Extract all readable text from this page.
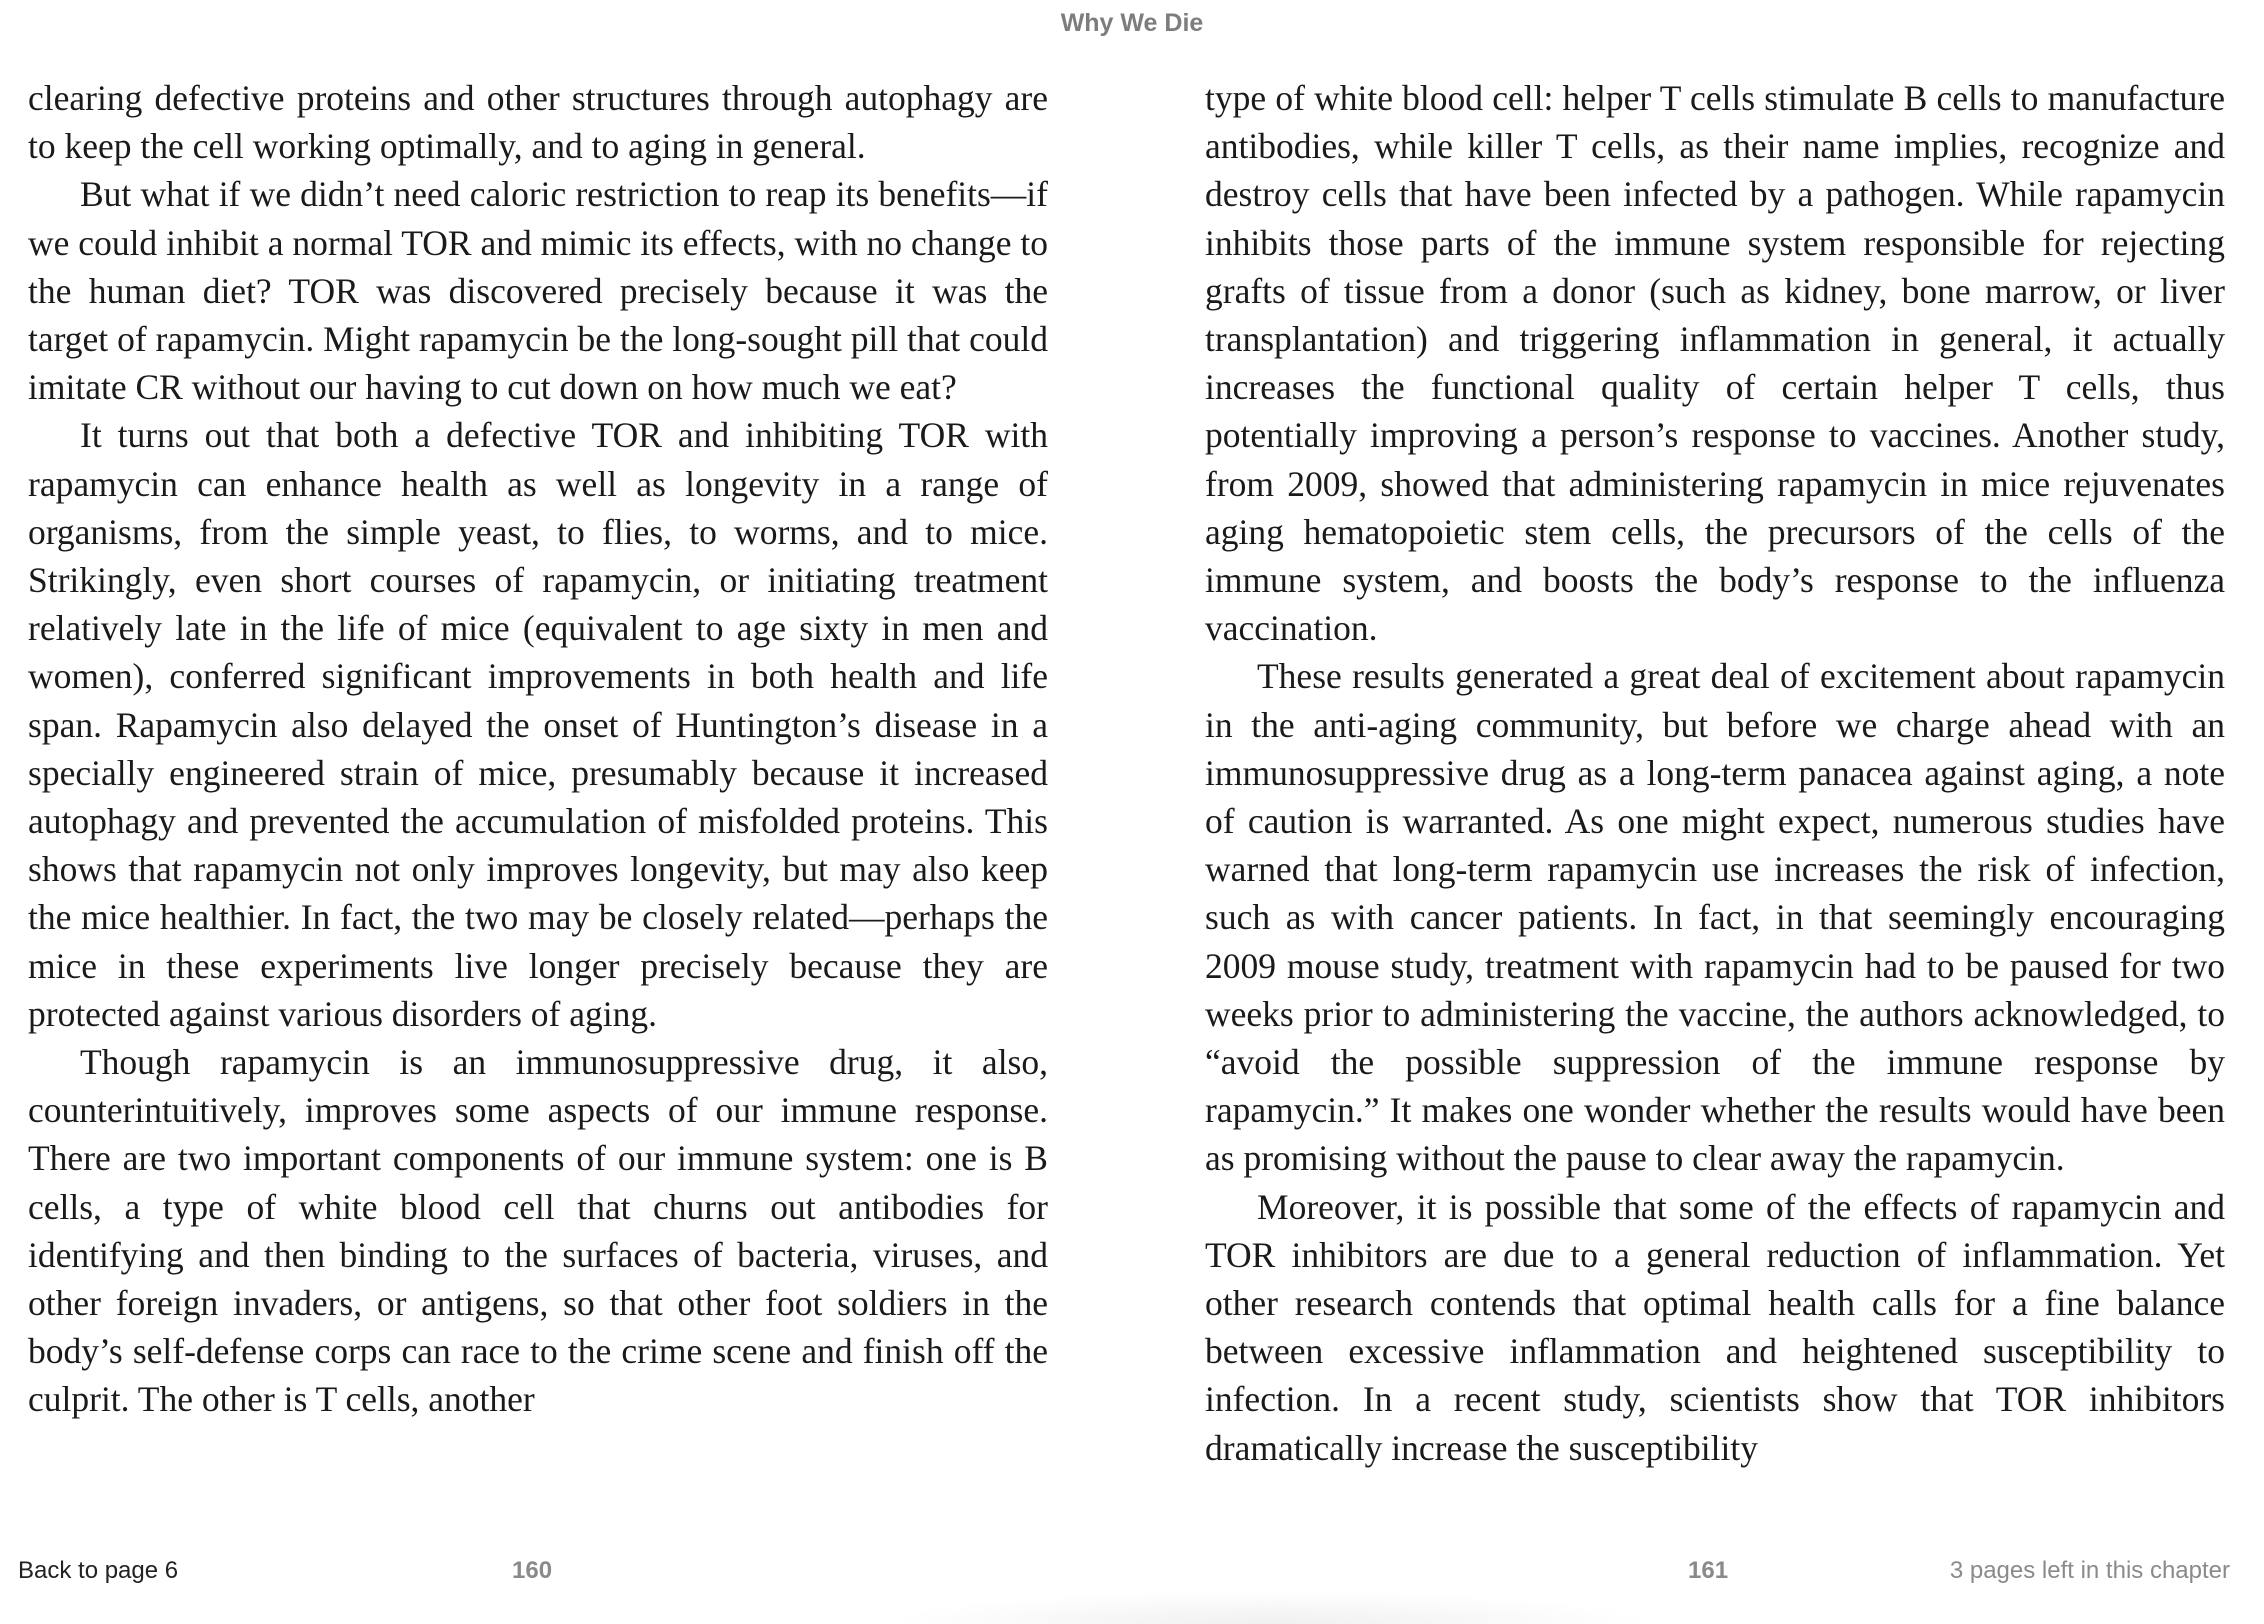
Why We Die

clearing defective proteins and other structures through autophagy are to keep the cell working optimally, and to aging in general.

But what if we didn’t need caloric restriction to reap its benefits—if we could inhibit a normal TOR and mimic its effects, with no change to the human diet? TOR was discovered precisely because it was the target of rapamycin. Might rapamycin be the long-sought pill that could imitate CR without our having to cut down on how much we eat?

It turns out that both a defective TOR and inhibiting TOR with rapamycin can enhance health as well as longevity in a range of organisms, from the simple yeast, to flies, to worms, and to mice. Strikingly, even short courses of rapamycin, or initiating treatment relatively late in the life of mice (equivalent to age sixty in men and women), conferred significant improvements in both health and life span. Rapamycin also delayed the onset of Huntington’s disease in a specially engineered strain of mice, presumably because it increased autophagy and prevented the accumulation of misfolded proteins. This shows that rapamycin not only improves longevity, but may also keep the mice healthier. In fact, the two may be closely related—perhaps the mice in these experiments live longer precisely because they are protected against various disorders of aging.

Though rapamycin is an immunosuppressive drug, it also, counterintuitively, improves some aspects of our immune response. There are two important components of our immune system: one is B cells, a type of white blood cell that churns out antibodies for identifying and then binding to the surfaces of bacteria, viruses, and other foreign invaders, or antigens, so that other foot soldiers in the body’s self-defense corps can race to the crime scene and finish off the culprit. The other is T cells, another

type of white blood cell: helper T cells stimulate B cells to manufacture antibodies, while killer T cells, as their name implies, recognize and destroy cells that have been infected by a pathogen. While rapamycin inhibits those parts of the immune system responsible for rejecting grafts of tissue from a donor (such as kidney, bone marrow, or liver transplantation) and triggering inflammation in general, it actually increases the functional quality of certain helper T cells, thus potentially improving a person’s response to vaccines. Another study, from 2009, showed that administering rapamycin in mice rejuvenates aging hematopoietic stem cells, the precursors of the cells of the immune system, and boosts the body’s response to the influenza vaccination.

These results generated a great deal of excitement about rapamycin in the anti-aging community, but before we charge ahead with an immunosuppressive drug as a long-term panacea against aging, a note of caution is warranted. As one might expect, numerous studies have warned that long-term rapamycin use increases the risk of infection, such as with cancer patients. In fact, in that seemingly encouraging 2009 mouse study, treatment with rapamycin had to be paused for two weeks prior to administering the vaccine, the authors acknowledged, to “avoid the possible suppression of the immune response by rapamycin.” It makes one wonder whether the results would have been as promising without the pause to clear away the rapamycin.

Moreover, it is possible that some of the effects of rapamycin and TOR inhibitors are due to a general reduction of inflammation. Yet other research contends that optimal health calls for a fine balance between excessive inflammation and heightened susceptibility to infection. In a recent study, scientists show that TOR inhibitors dramatically increase the susceptibility

Back to page 6	160	161	3 pages left in this chapter
